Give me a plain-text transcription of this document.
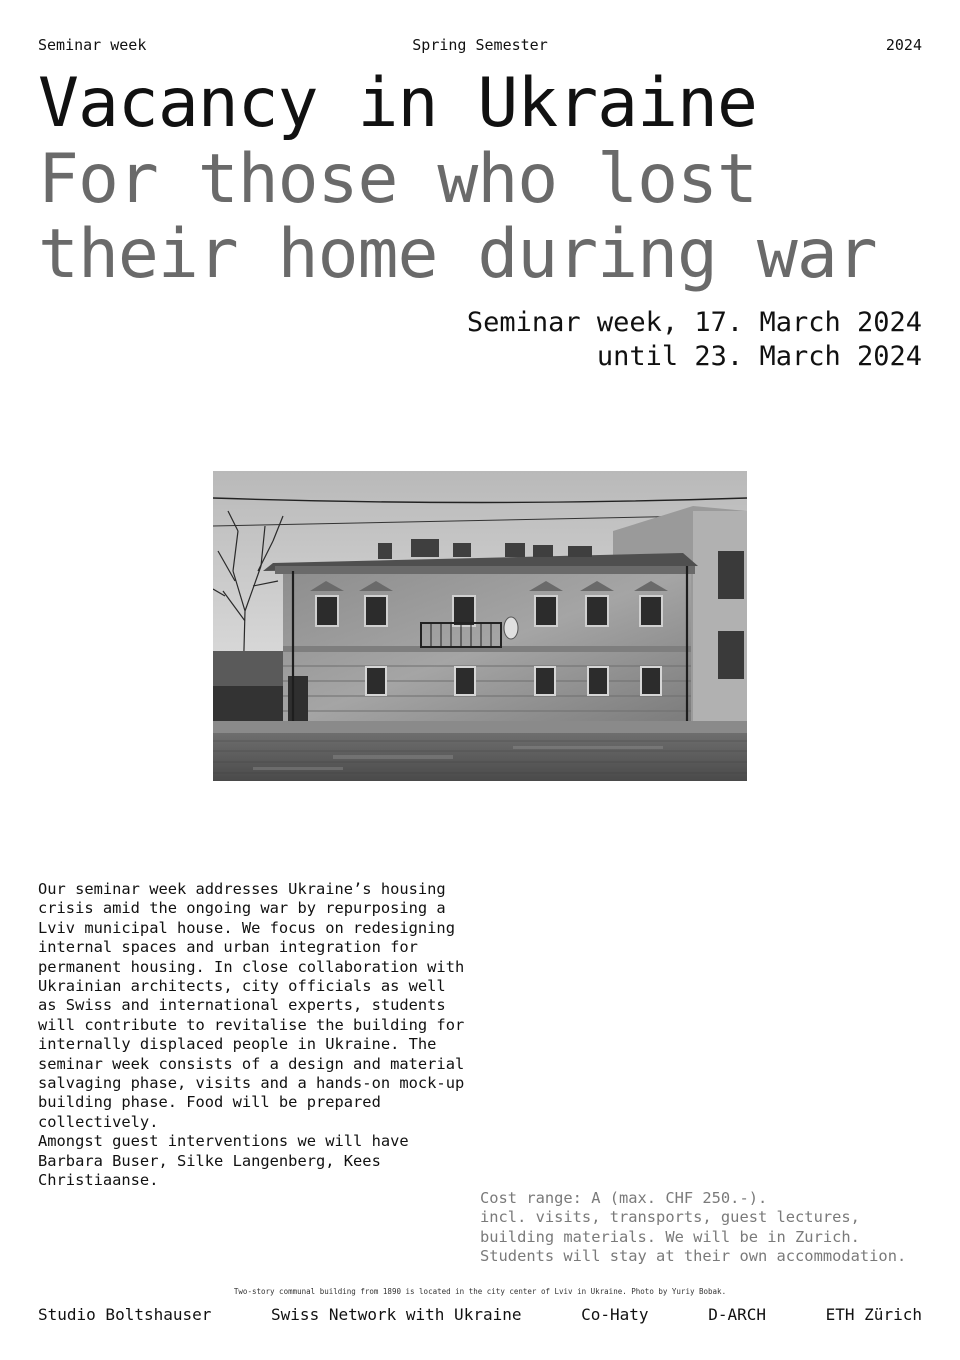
Seminar week	Spring Semester	2024
Vacancy in Ukraine
For those who lost
their home during war
Seminar week, 17. March 2024
until 23. March 2024
Our seminar week addresses Ukraine’s housing
crisis amid the ongoing war by repurposing a
Lviv municipal house. We focus on redesigning
internal spaces and urban integration for
permanent housing. In close collaboration with
Ukrainian architects, city officials as well
as Swiss and international experts, students
will contribute to revitalise the building for
internally displaced people in Ukraine. The
seminar week consists of a design and material
salvaging phase, visits and a hands-on mock-up
building phase. Food will be prepared
collectively.
Amongst guest interventions we will have
Barbara Buser, Silke Langenberg, Kees
Christiaanse.
Cost range: A (max. CHF 250.-).
incl. visits, transports, guest lectures,
building materials. We will be in Zurich.
Students will stay at their own accommodation.
Two-story communal building from 1890 is located in the city center of Lviv in Ukraine. Photo by Yuriy Bobak.
Studio Boltshauser	Swiss Network with Ukraine	Co-Haty	D-ARCH	ETH Zürich
